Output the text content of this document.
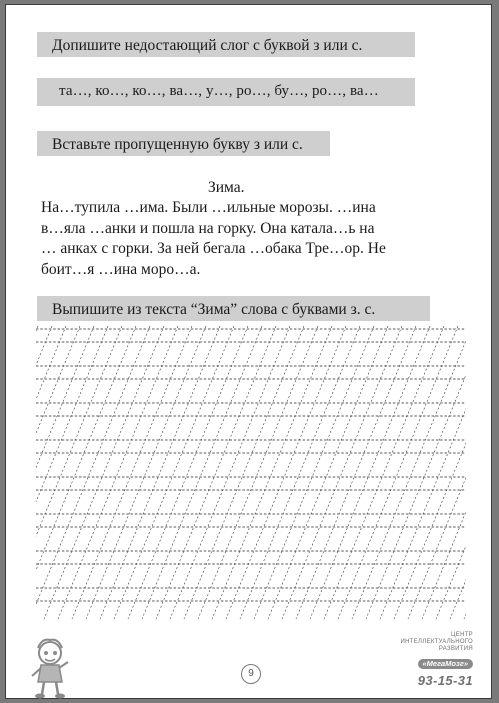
Допишите недостающий слог с буквой з или с.
та…, ко…, ко…, ва…, у…, ро…, бу…, ро…, ва…
Вставьте пропущенную букву з или с.
Зима.
На…тупила …има. Были …ильные морозы. …ина
в…яла …анки и пошла на горку. Она катала…ь на
… анках с горки. За ней бегала …обака Тре…ор. Не
боит…я …ина моро…а.
Выпишите из текста “Зима” слова с буквами з. с.
9
ЦЕНТР
ИНТЕЛЛЕКТУАЛЬНОГО
РАЗВИТИЯ
«МегаМозг»
93-15-31
